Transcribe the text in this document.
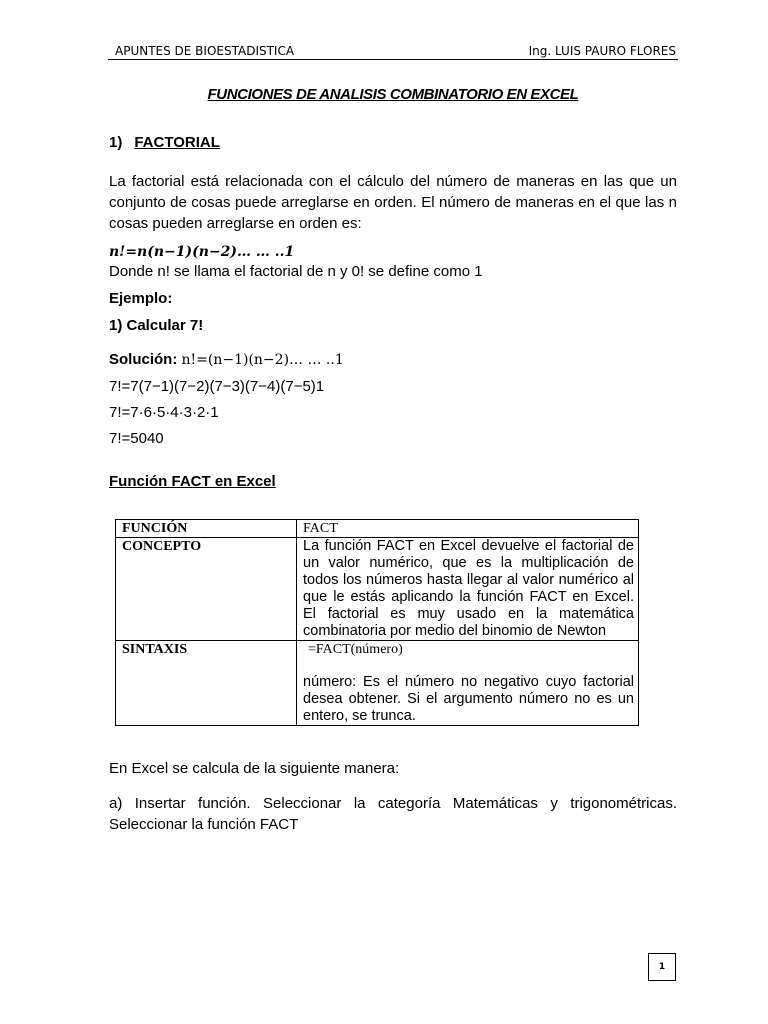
APUNTES DE BIOESTADISTICA	Ing. LUIS PAURO FLORES
FUNCIONES DE ANALISIS COMBINATORIO EN EXCEL
1) FACTORIAL
La factorial está relacionada con el cálculo del número de maneras en las que un conjunto de cosas puede arreglarse en orden. El número de maneras en el que las n cosas pueden arreglarse en orden es:
n!=n(n−1)(n−2)… … ..1
Donde n! se llama el factorial de n y 0! se define como 1
Ejemplo:
1) Calcular 7!
Solución: n!=(n−1)(n−2)… … ..1
7!=7(7−1)(7−2)(7−3)(7−4)(7−5)1
7!=7·6·5·4·3·2·1
7!=5040
Función FACT en Excel
FUNCIÓN	FACT
CONCEPTO	La función FACT en Excel devuelve el factorial de un valor numérico, que es la multiplicación de todos los números hasta llegar al valor numérico al que le estás aplicando la función FACT en Excel. El factorial es muy usado en la matemática combinatoria por medio del binomio de Newton
SINTAXIS	=FACT(número)
número: Es el número no negativo cuyo factorial desea obtener. Si el argumento número no es un entero, se trunca.
En Excel se calcula de la siguiente manera:
a) Insertar función. Seleccionar la categoría Matemáticas y trigonométricas. Seleccionar la función FACT
1
